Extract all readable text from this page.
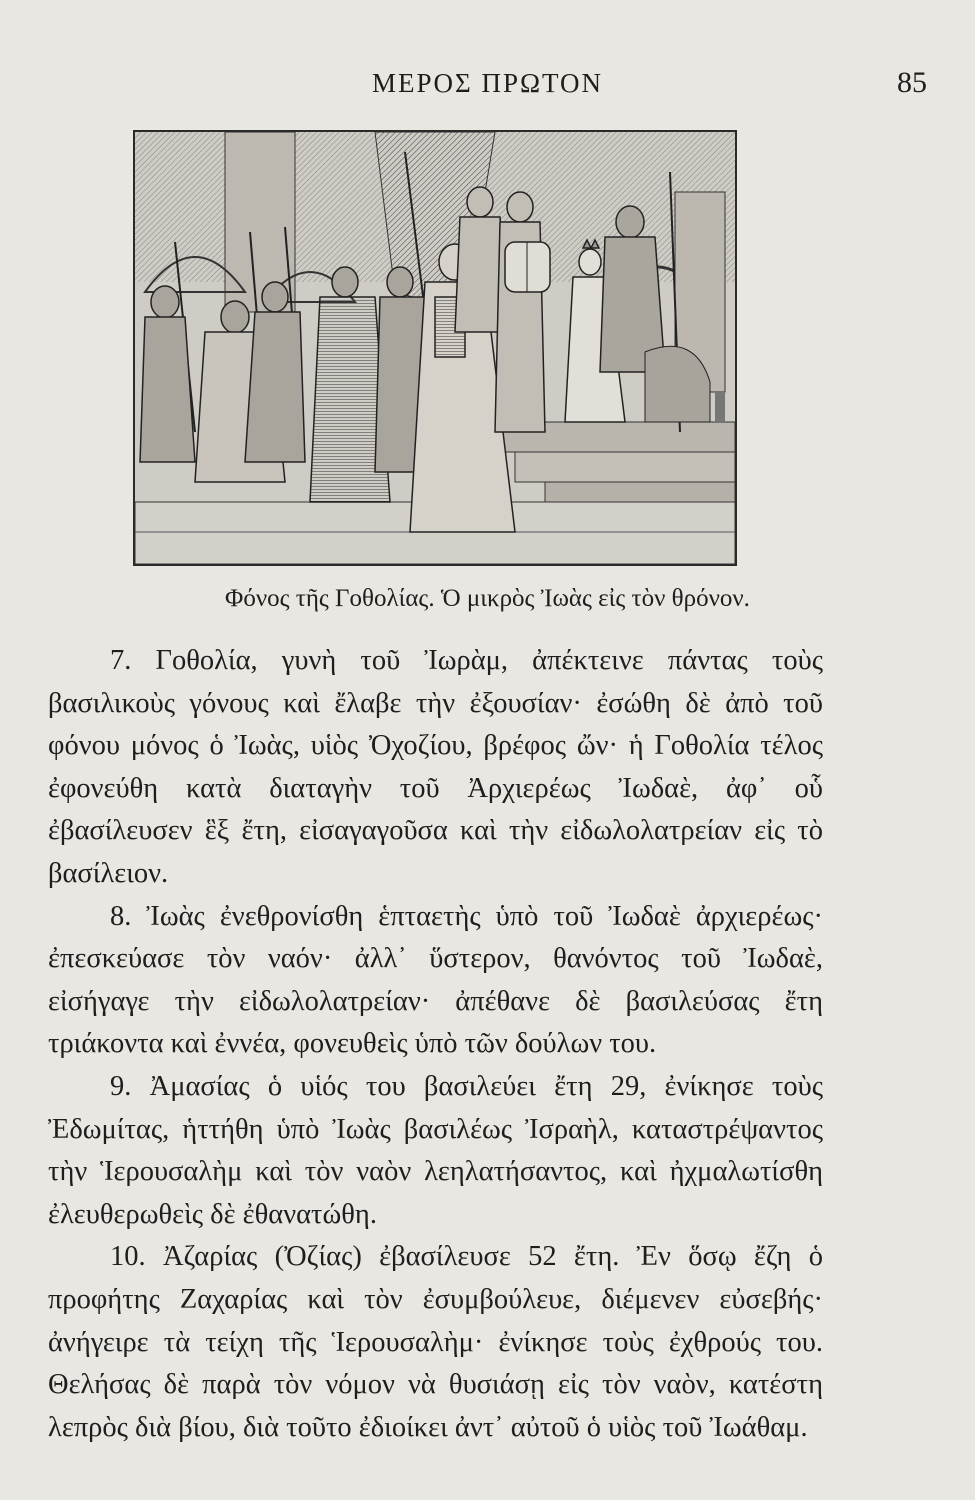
ΜΕΡΟΣ ΠΡΩΤΟΝ	85
Φόνος τῆς Γοθολίας. Ὁ μικρὸς Ἰωὰς εἰς τὸν θρόνον.

7. Γοθολία, γυνὴ τοῦ Ἰωρὰμ, ἀπέκτεινε πάντας τοὺς βασιλικοὺς γόνους καὶ ἔλαβε τὴν ἐξουσίαν· ἐσώθη δὲ ἀπὸ τοῦ φόνου μόνος ὁ Ἰωὰς, υἱὸς Ὀχοζίου, βρέφος ὤν· ἡ Γοθολία τέλος ἐφονεύθη κατὰ διαταγὴν τοῦ Ἀρχιερέως Ἰωδαὲ, ἀφ᾽ οὗ ἐβασίλευσεν ἓξ ἔτη, εἰσαγαγοῦσα καὶ τὴν εἰδωλολατρείαν εἰς τὸ βασίλειον.

8. Ἰωὰς ἐνεθρονίσθη ἑπταετὴς ὑπὸ τοῦ Ἰωδαὲ ἀρχιερέως· ἐπεσκεύασε τὸν ναόν· ἀλλ᾽ ὕστερον, θανόντος τοῦ Ἰωδαὲ, εἰσήγαγε τὴν εἰδωλολατρείαν· ἀπέθανε δὲ βασιλεύσας ἔτη τριάκοντα καὶ ἐννέα, φονευθεὶς ὑπὸ τῶν δούλων του.

9. Ἀμασίας ὁ υἱός του βασιλεύει ἔτη 29, ἐνίκησε τοὺς Ἐδωμίτας, ἡττήθη ὑπὸ Ἰωὰς βασιλέως Ἰσραὴλ, καταστρέψαντος τὴν Ἱερουσαλὴμ καὶ τὸν ναὸν λεηλατήσαντος, καὶ ἠχμαλωτίσθη ἐλευθερωθεὶς δὲ ἐθανατώθη.

10. Ἀζαρίας (Ὀζίας) ἐβασίλευσε 52 ἔτη. Ἐν ὅσῳ ἔζη ὁ προφήτης Ζαχαρίας καὶ τὸν ἐσυμβούλευε, διέμενεν εὐσεβής· ἀνήγειρε τὰ τείχη τῆς Ἱερουσαλὴμ· ἐνίκησε τοὺς ἐχθρούς του. Θελήσας δὲ παρὰ τὸν νόμον νὰ θυσιάσῃ εἰς τὸν ναὸν, κατέστη λεπρὸς διὰ βίου, διὰ τοῦτο ἐδιοίκει ἀντ᾽ αὐτοῦ ὁ υἱὸς τοῦ Ἰωάθαμ.
